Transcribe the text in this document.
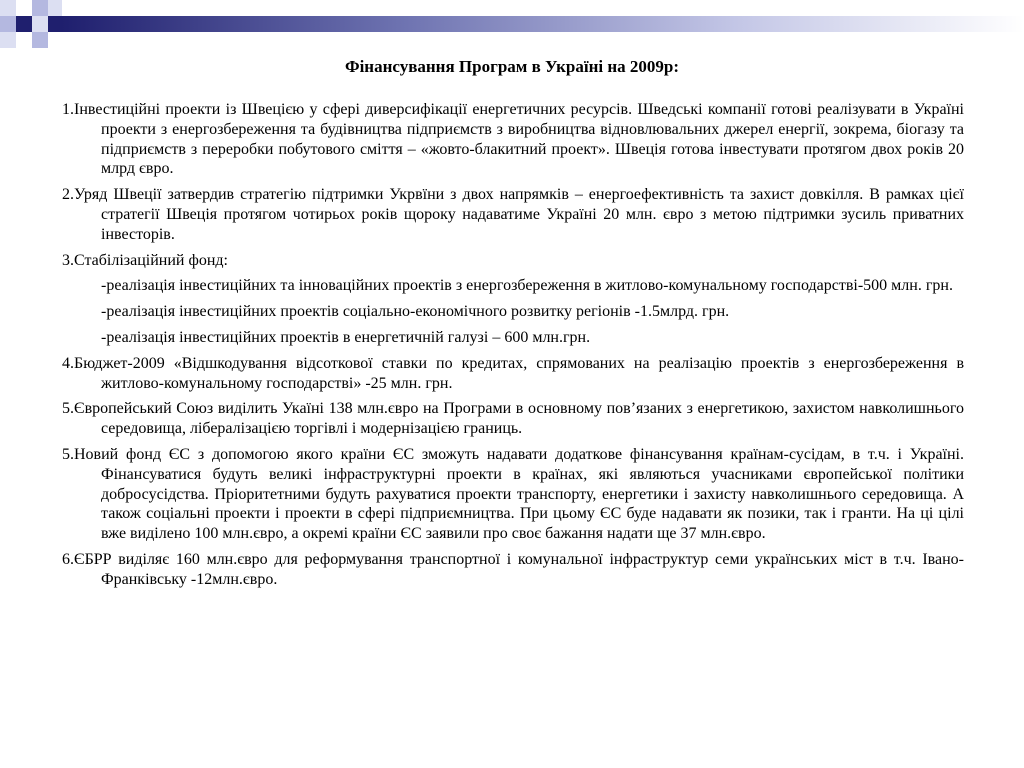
Фінансування Програм в Україні на 2009р:

1.Інвестиційні проекти із Швецією у сфері диверсифікації енергетичних ресурсів. Шведські компанії готові реалізувати в Україні проекти з енергозбереження та будівництва підприємств з виробництва відновлювальних джерел енергії, зокрема, біогазу та підприємств з переробки побутового сміття – «жовто-блакитний проект». Швеція готова інвестувати протягом двох років 20 млрд євро.

2.Уряд Швеції затвердив стратегію підтримки Укрвїни з двох напрямків – енергоефективність та захист довкілля. В рамках цієї стратегії Швеція протягом чотирьох років щороку надаватиме Україні 20 млн. євро з метою підтримки зусиль приватних інвесторів.

3.Стабілізаційний фонд:

-реалізація інвестиційних та інноваційних проектів з енергозбереження в житлово-комунальному господарстві-500 млн. грн.

-реалізація інвестиційних проектів соціально-економічного розвитку регіонів -1.5млрд. грн.

-реалізація інвестиційних проектів в енергетичній галузі – 600 млн.грн.

4.Бюджет-2009 «Відшкодування відсоткової ставки по кредитах, спрямованих на реалізацію проектів з енергозбереження в житлово-комунальному господарстві» -25 млн. грн.

5.Європейський Союз виділить Укаїні 138 млн.євро на Програми в основному пов’язаних з енергетикою, захистом навколишнього середовища, лібералізацією торгівлі і модернізацією границь.

5.Новий фонд ЄС з допомогою якого країни ЄС зможуть надавати додаткове фінансування країнам-сусідам, в т.ч. і Україні. Фінансуватися будуть великі інфраструктурні проекти в країнах, які являються учасниками європейської політики добросусідства. Пріоритетними будуть рахуватися проекти транспорту, енергетики і захисту навколишнього середовища. А також соціальні проекти і проекти в сфері підприємництва. При цьому ЄС буде надавати як позики, так і гранти. На ці цілі вже виділено 100 млн.євро, а окремі країни ЄС заявили про своє бажання надати ще 37 млн.євро.

6.ЄБРР виділяє 160 млн.євро для реформування транспортної і комунальної інфраструктур семи українських міст в т.ч. Івано-Франківську -12млн.євро.
